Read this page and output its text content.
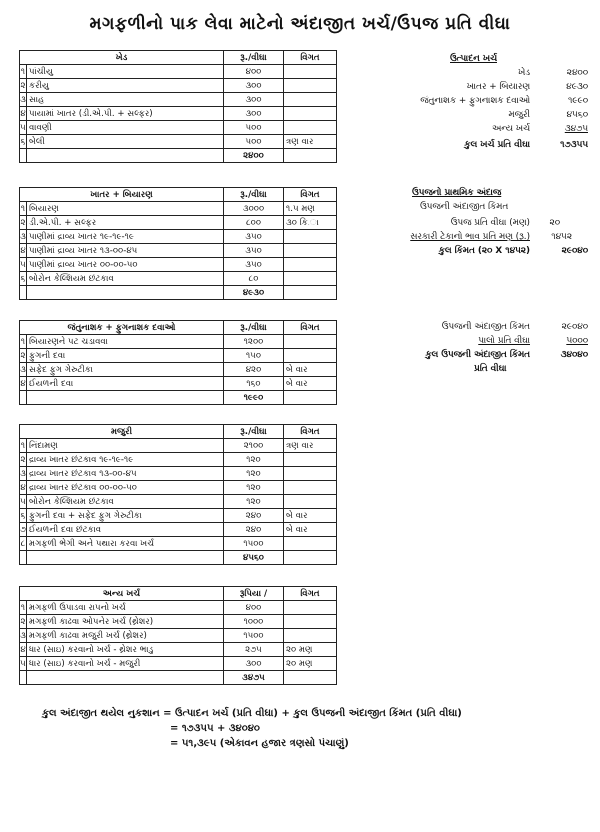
મગફળીનો પાક લેવા માટેનો અંદાજીત ખર્ચ/ઉપજ પ્રતિ વીઘા
ખેડ		રૂ./વીઘા	વિગત
૧	પાંચીયુ	૪૦૦	
૨	કરીયુ	૩૦૦	
૩	સાહ	૩૦૦	
૪	પાયામાં ખાતર (ડી.એ.પી. + સલ્ફર)	૩૦૦	
૫	વાવણી	૫૦૦	
૬	બેલી	૫૦૦	ત્રણ વાર
		૨૪૦૦	
ખાતર + બિયારણ		રૂ./વીઘા	વિગત
૧	બિયારણ	૩૦૦૦	૧.૫ મણ
૨	ડી.એ.પી. + સલ્ફર	૮૦૦	૩૦ કિ.ા
૩	પાણીમાં દ્રાવ્ય ખાતર ૧૯-૧૯-૧૯	૩૫૦	
૪	પાણીમાં દ્રાવ્ય ખાતર ૧૩-૦૦-૪૫	૩૫૦	
૫	પાણીમાં દ્રાવ્ય ખાતર ૦૦-૦૦-૫૦	૩૫૦	
૬	બોરોન કેલ્શિયમ છંટકાવ	૮૦	
		૪૯૩૦	
જંતુનાશક + ફુગનાશક દવાઓ		રૂ./વીઘા	વિગત
૧	બિયારણને પટ ચડાવવા	૧૨૦૦	
૨	ફુગની દવા	૧૫૦	
૩	સફેદ ફુગ ગેરુટીકા	૪૨૦	બે વાર
૪	ઈયળની દવા	૧૬૦	બે વાર
		૧૯૯૦	
મજુરી		રૂ./વીઘા	વિગત
૧	નિંદામણ	૨૧૦૦	ત્રણ વાર
૨	દ્રાવ્ય ખાતર છંટકાવ ૧૯-૧૯-૧૯	૧૨૦	
૩	દ્રાવ્ય ખાતર છંટકાવ ૧૩-૦૦-૪૫	૧૨૦	
૪	દ્રાવ્ય ખાતર છંટકાવ ૦૦-૦૦-૫૦	૧૨૦	
૫	બોરોન કેલ્શિયમ છંટકાવ	૧૨૦	
૬	ફુગની દવા + સફેદ ફુગ ગેરુટીકા	૨૪૦	બે વાર
૭	ઈયળની દવા છંટકાવ	૨૪૦	બે વાર
૮	મગફળી ભેગી અને પથારા કરવા ખર્ચ	૧૫૦૦	
		૪૫૬૦	
અન્ય ખર્ચ		રૂપિયા /	વિગત
૧	મગફળી ઉપાડવા રાપનો ખર્ચ	૪૦૦	
૨	મગફળી કાઢવા ઓપનેર ખર્ચ (થ્રેશર)	૧૦૦૦	
૩	મગફળી કાઢવા મજુરી ખર્ચ (થ્રેશર)	૧૫૦૦	
૪	ધાર (સાઇ) કરવાનો ખર્ચ - થ્રેશર ભાડુ	૨૭૫	૨૦ મણ
૫	ધાર (સાઇ) કરવાનો ખર્ચ - મજુરી	૩૦૦	૨૦ મણ
		૩૪૭૫	
ઉત્પાદન ખર્ચ
ખેડ	૨૪૦૦
ખાતર + બિયારણ	૪૯૩૦
જંતુનાશક + ફુગનાશક દવાઓ	૧૯૯૦
મજુરી	૪૫૬૦
અન્ય ખર્ચ	૩૪૭૫
કુલ ખર્ચ પ્રતિ વીઘા	૧૭૩૫૫
ઉપજનો પ્રાથમિક અંદાજ
ઉપજની અંદાજીત કિંમત
ઉપજ પ્રતિ વીઘા (મણ) ૨૦
સરકારી ટેકાનો ભાવ પ્રતિ મણ (રૂ.) ૧૪૫૨
કુલ કિંમત (૨૦ X ૧૪૫૨)	૨૯૦૪૦
ઉપજની અંદાજીત કિંમત	૨૯૦૪૦
પાલો પ્રતિ વીઘા	૫૦૦૦
કુલ ઉપજની અંદાજીત કિંમત	૩૪૦૪૦
પ્રતિ વીઘા
કુલ અંદાજીત થયેલ નુકશાન = ઉત્પાદન ખર્ચ (પ્રતિ વીઘા) + કુલ ઉપજની અંદાજીત કિંમત (પ્રતિ વીઘા)
= ૧૭૩૫૫ + ૩૪૦૪૦
= ૫૧,૩૯૫ (એકાવન હજાર ત્રણસો પંચાણું)
